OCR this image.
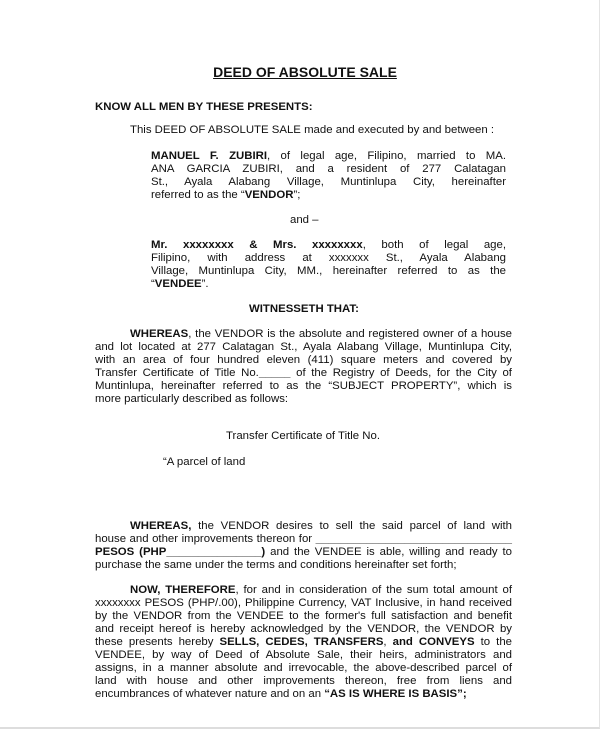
DEED OF ABSOLUTE SALE
KNOW ALL MEN BY THESE PRESENTS:
This DEED OF ABSOLUTE SALE made and executed by and between :
MANUEL F. ZUBIRI, of legal age, Filipino, married to MA.
ANA GARCIA ZUBIRI, and a resident of 277 Calatagan
St., Ayala Alabang Village, Muntinlupa City, hereinafter
referred to as the “VENDOR”;
and –
Mr. xxxxxxxx & Mrs. xxxxxxxx, both of legal age,
Filipino, with address at xxxxxxx St., Ayala Alabang
Village, Muntinlupa City, MM., hereinafter referred to as the
“VENDEE”.
WITNESSETH THAT:
WHEREAS, the VENDOR is the absolute and registered owner of a house
and lot located at 277 Calatagan St., Ayala Alabang Village, Muntinlupa City,
with an area of four hundred eleven (411) square meters and covered by
Transfer Certificate of Title No._____ of the Registry of Deeds, for the City of
Muntinlupa, hereinafter referred to as the “SUBJECT PROPERTY”, which is
more particularly described as follows:
Transfer Certificate of Title No.
“A parcel of land
WHEREAS, the VENDOR desires to sell the said parcel of land with
house and other improvements thereon for _______________________________
PESOS (PHP_______________) and the VENDEE is able, willing and ready to
purchase the same under the terms and conditions hereinafter set forth;
NOW, THEREFORE, for and in consideration of the sum total amount of
xxxxxxxx PESOS (PHP/.00), Philippine Currency, VAT Inclusive, in hand received
by the VENDOR from the VENDEE to the former's full satisfaction and benefit
and receipt hereof is hereby acknowledged by the VENDOR, the VENDOR by
these presents hereby SELLS, CEDES, TRANSFERS, and CONVEYS to the
VENDEE, by way of Deed of Absolute Sale, their heirs, administrators and
assigns, in a manner absolute and irrevocable, the above-described parcel of
land with house and other improvements thereon, free from liens and
encumbrances of whatever nature and on an “AS IS WHERE IS BASIS”;
